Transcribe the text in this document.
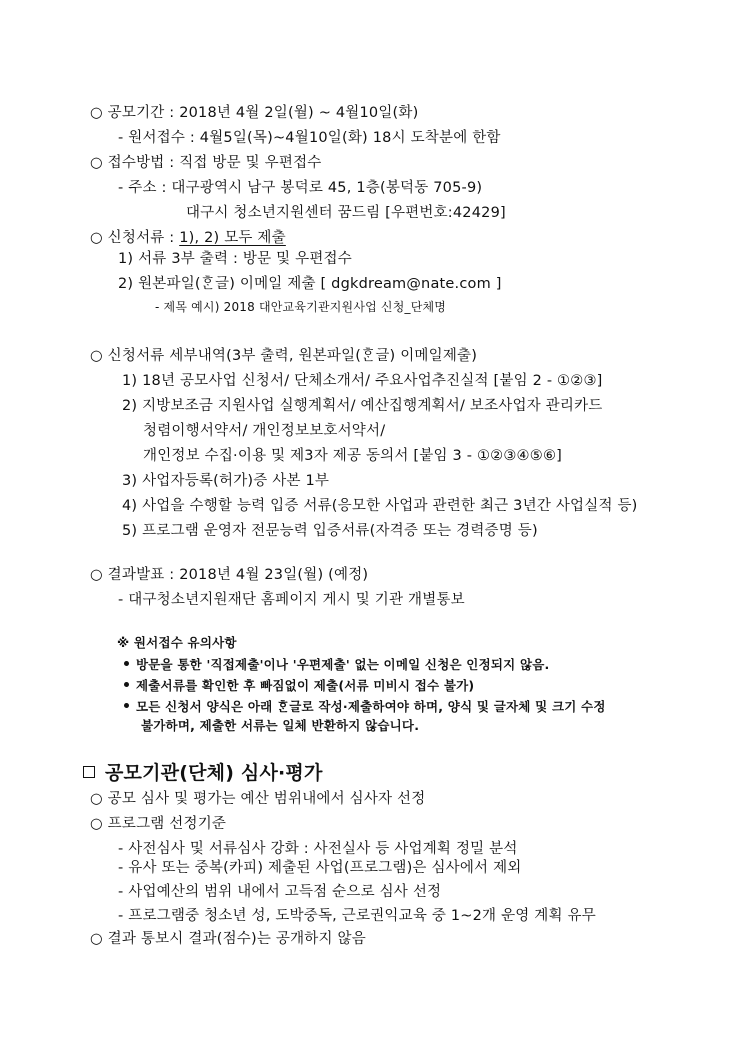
○ 공모기간 : 2018년 4월 2일(월) ~ 4월10일(화)
- 원서접수 : 4월5일(목)~4월10일(화) 18시 도착분에 한함
○ 접수방법 : 직접 방문 및 우편접수
- 주소 : 대구광역시 남구 봉덕로 45, 1층(봉덕동 705-9)
대구시 청소년지원센터 꿈드림 [우편번호:42429]
○ 신청서류 : 1), 2) 모두 제출
1) 서류 3부 출력 : 방문 및 우편접수
2) 원본파일(ᄒᆞᆫ글) 이메일 제출 [ dgkdream@nate.com ]
- 제목 예시) 2018 대안교육기관지원사업 신청_단체명
○ 신청서류 세부내역(3부 출력, 원본파일(ᄒᆞᆫ글) 이메일제출)
1) 18년 공모사업 신청서/ 단체소개서/ 주요사업추진실적 [붙임 2 - ①②③]
2) 지방보조금 지원사업 실행계획서/ 예산집행계획서/ 보조사업자 관리카드
청렴이행서약서/ 개인정보보호서약서/
개인정보 수집·이용 및 제3자 제공 동의서 [붙임 3 - ①②③④⑤⑥]
3) 사업자등록(허가)증 사본 1부
4) 사업을 수행할 능력 입증 서류(응모한 사업과 관련한 최근 3년간 사업실적 등)
5) 프로그램 운영자 전문능력 입증서류(자격증 또는 경력증명 등)
○ 결과발표 : 2018년 4월 23일(월) (예정)
- 대구청소년지원재단 홈페이지 게시 및 기관 개별통보
※ 원서접수 유의사항
방문을 통한 '직접제출'이나 '우편제출' 없는 이메일 신청은 인정되지 않음.
제출서류를 확인한 후 빠짐없이 제출(서류 미비시 접수 불가)
모든 신청서 양식은 아래 ᄒᆞᆫ글로 작성·제출하여야 하며, 양식 및 글자체 및 크기 수정
불가하며, 제출한 서류는 일체 반환하지 않습니다.
공모기관(단체) 심사·평가
○ 공모 심사 및 평가는 예산 범위내에서 심사자 선정
○ 프로그램 선정기준
- 사전심사 및 서류심사 강화 : 사전실사 등 사업계획 정밀 분석
- 유사 또는 중복(카피) 제출된 사업(프로그램)은 심사에서 제외
- 사업예산의 범위 내에서 고득점 순으로 심사 선정
- 프로그램중 청소년 성, 도박중독, 근로권익교육 중 1~2개 운영 계획 유무
○ 결과 통보시 결과(점수)는 공개하지 않음
